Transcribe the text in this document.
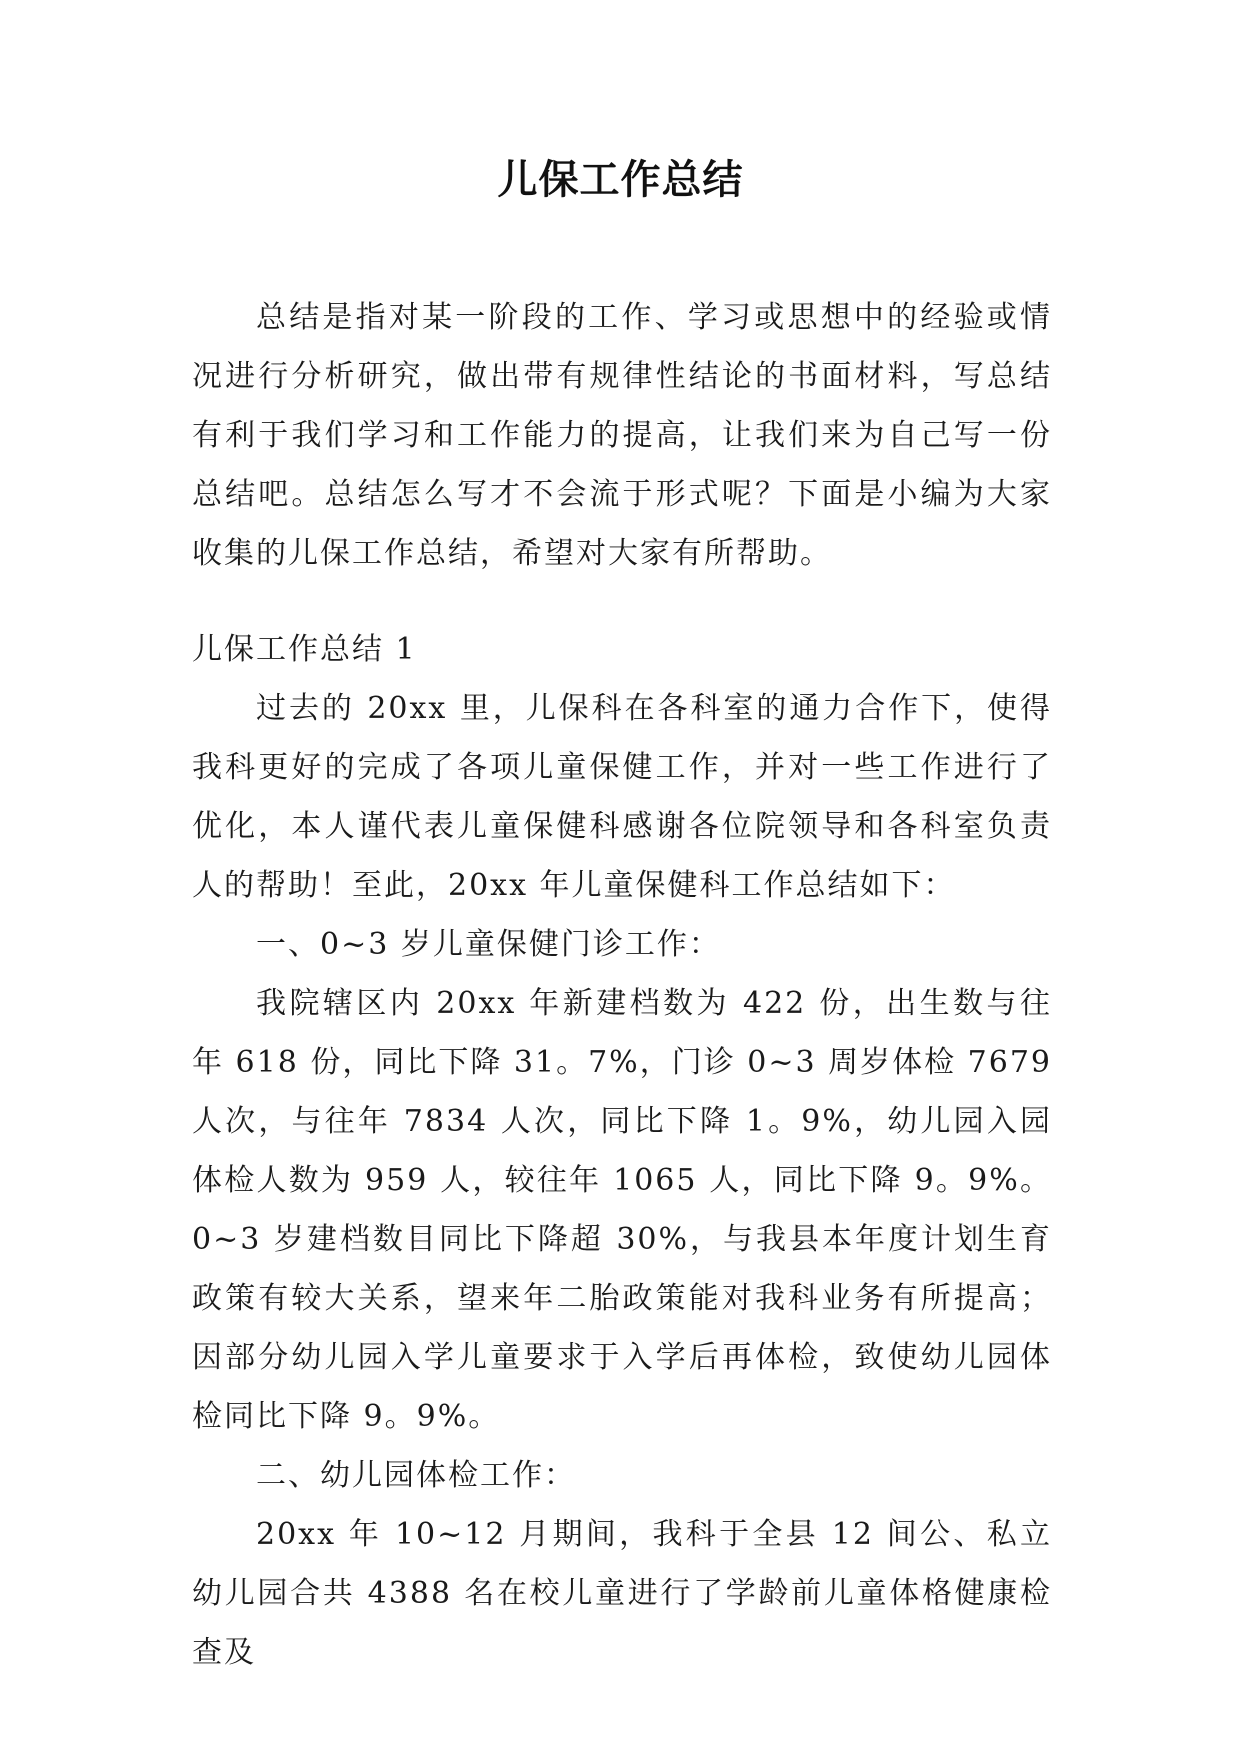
儿保工作总结

总结是指对某一阶段的工作、学习或思想中的经验或情况进行分析研究，做出带有规律性结论的书面材料，写总结有利于我们学习和工作能力的提高，让我们来为自己写一份总结吧。总结怎么写才不会流于形式呢？下面是小编为大家收集的儿保工作总结，希望对大家有所帮助。

儿保工作总结 1

过去的 20xx 里，儿保科在各科室的通力合作下，使得我科更好的完成了各项儿童保健工作，并对一些工作进行了优化，本人谨代表儿童保健科感谢各位院领导和各科室负责人的帮助！至此，20xx 年儿童保健科工作总结如下：

一、0~3 岁儿童保健门诊工作：

我院辖区内 20xx 年新建档数为 422 份，出生数与往年 618 份，同比下降 31。7%，门诊 0~3 周岁体检 7679 人次，与往年 7834 人次，同比下降 1。9%，幼儿园入园体检人数为 959 人，较往年 1065 人，同比下降 9。9%。0~3 岁建档数目同比下降超 30%，与我县本年度计划生育政策有较大关系，望来年二胎政策能对我科业务有所提高；因部分幼儿园入学儿童要求于入学后再体检，致使幼儿园体检同比下降 9。9%。

二、幼儿园体检工作：

20xx 年 10~12 月期间，我科于全县 12 间公、私立幼儿园合共 4388 名在校儿童进行了学龄前儿童体格健康检查及
